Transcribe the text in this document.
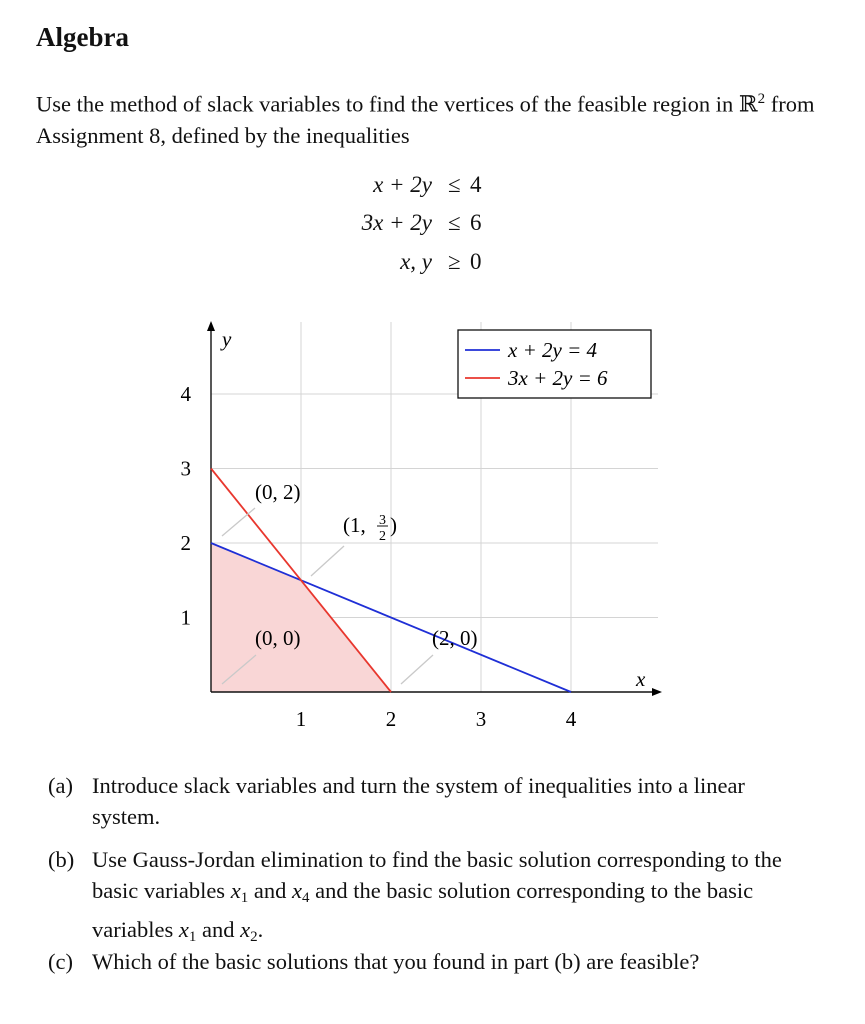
Algebra

Use the method of slack variables to find the vertices of the feasible region in ℝ$^2$ from Assignment 8, defined by the inequalities

x + 2y ≤ 4
3x + 2y ≤ 6
x, y ≥ 0
x
y
1	2	3	4
1
2
3
4
(0, 2)
(1, 3
2 )
(0, 0)	(2, 0)
x + 2y = 4
3x + 2y = 6
(a) Introduce slack variables and turn the system of inequalities into a linear system.
(b) Use Gauss-Jordan elimination to find the basic solution corresponding to the basic variables $x_1$ and $x_4$ and the basic solution corresponding to the basic variables $x_1$ and $x_2$.
(c) Which of the basic solutions that you found in part (b) are feasible?
